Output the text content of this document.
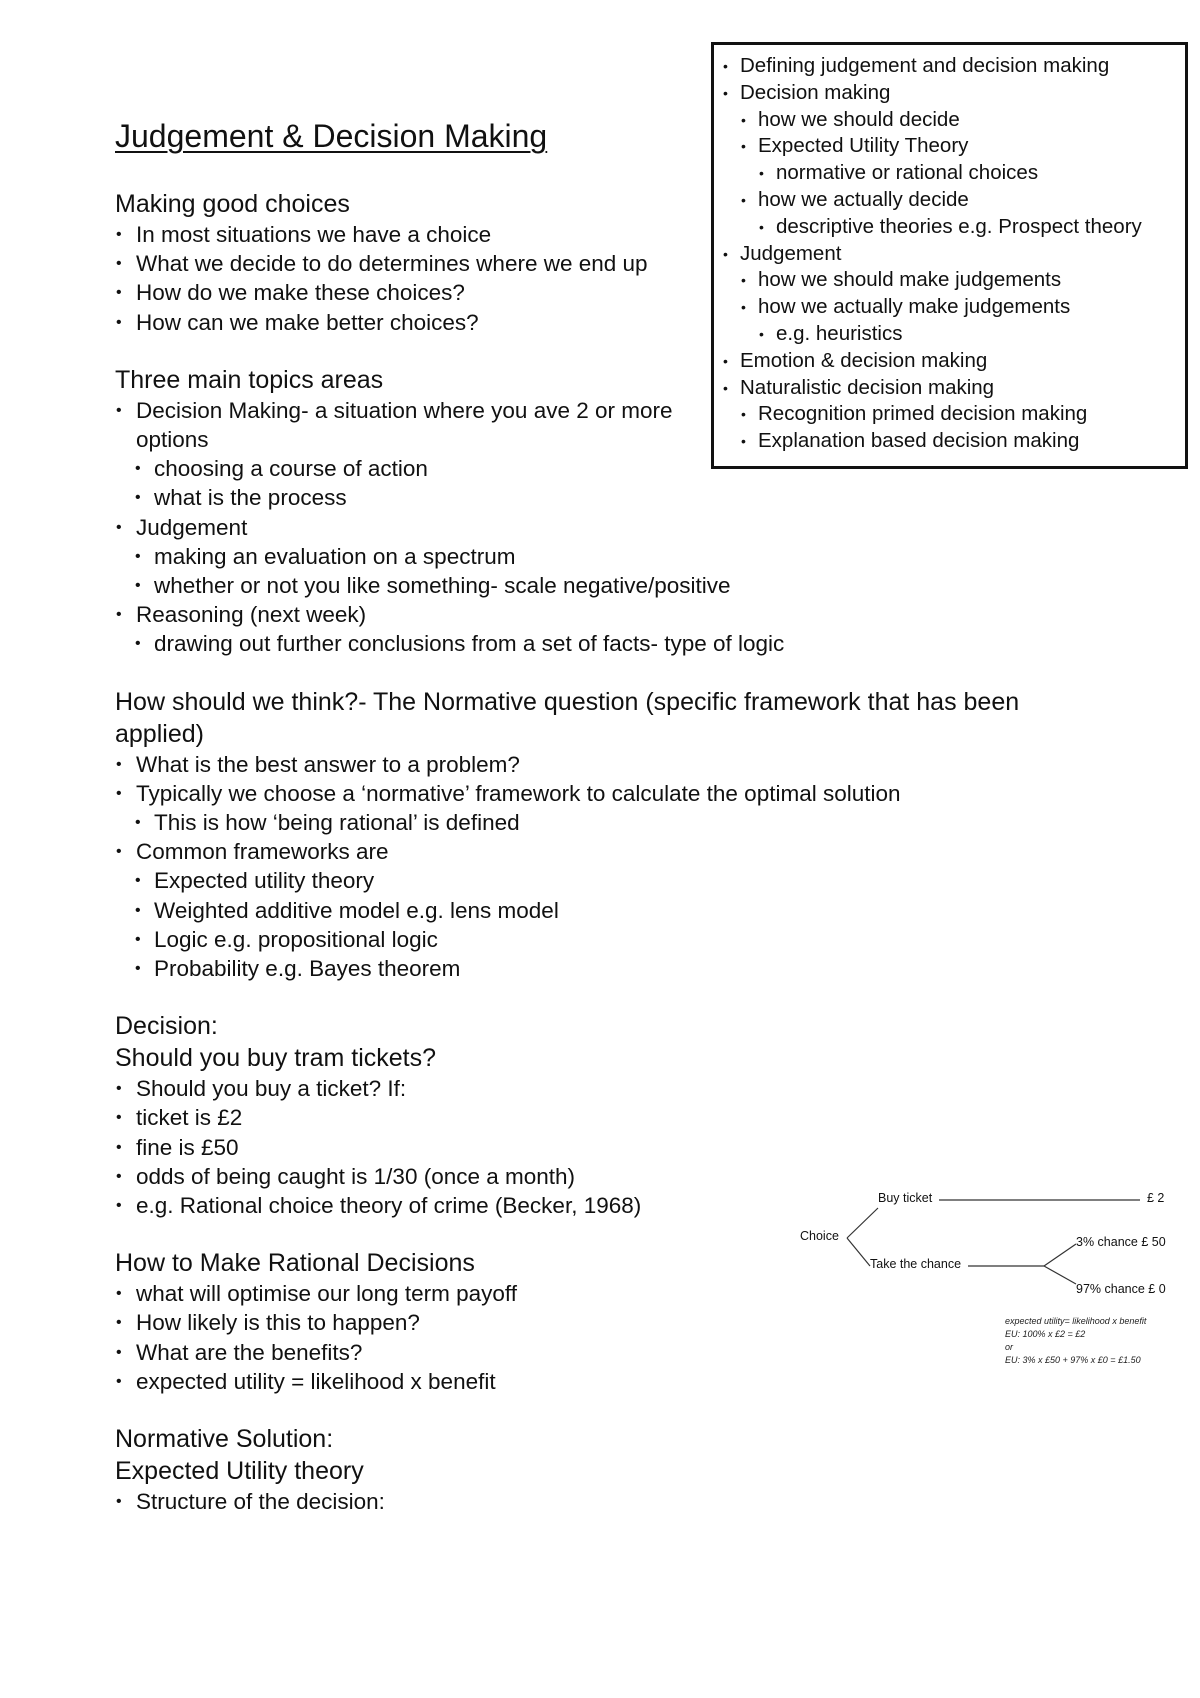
Judgement & Decision Making
• Defining judgement and decision making
• Decision making
• how we should decide
• Expected Utility Theory
• normative or rational choices
• how we actually decide
• descriptive theories e.g. Prospect theory
• Judgement
• how we should make judgements
• how we actually make judgements
• e.g. heuristics
• Emotion & decision making
• Naturalistic decision making
• Recognition primed decision making
• Explanation based decision making
Making good choices
• In most situations we have a choice
• What we decide to do determines where we end up
• How do we make these choices?
• How can we make better choices?
Three main topics areas
• Decision Making- a situation where you ave 2 or more options
• choosing a course of action
• what is the process
• Judgement
• making an evaluation on a spectrum
• whether or not you like something- scale negative/positive
• Reasoning (next week)
• drawing out further conclusions from a set of facts- type of logic
How should we think?- The Normative question (specific framework that has been applied)
• What is the best answer to a problem?
• Typically we choose a ‘normative’ framework to calculate the optimal solution
• This is how ‘being rational’ is defined
• Common frameworks are
• Expected utility theory
• Weighted additive model e.g. lens model
• Logic e.g. propositional logic
• Probability e.g. Bayes theorem
Decision:
Should you buy tram tickets?
• Should you buy a ticket? If:
• ticket is £2
• fine is £50
• odds of being caught is 1/30 (once a month)
• e.g. Rational choice theory of crime (Becker, 1968)
How to Make Rational Decisions
• what will optimise our long term payoff
• How likely is this to happen?
• What are the benefits?
• expected utility = likelihood x benefit
Normative Solution:
Expected Utility theory
• Structure of the decision:
Choice
Buy ticket	£ 2
Take the chance
3% chance £ 50
97% chance £ 0
expected utility= likelihood x benefit
EU: 100% x £2 = £2
or
EU: 3% x £50 + 97% x £0 = £1.50
